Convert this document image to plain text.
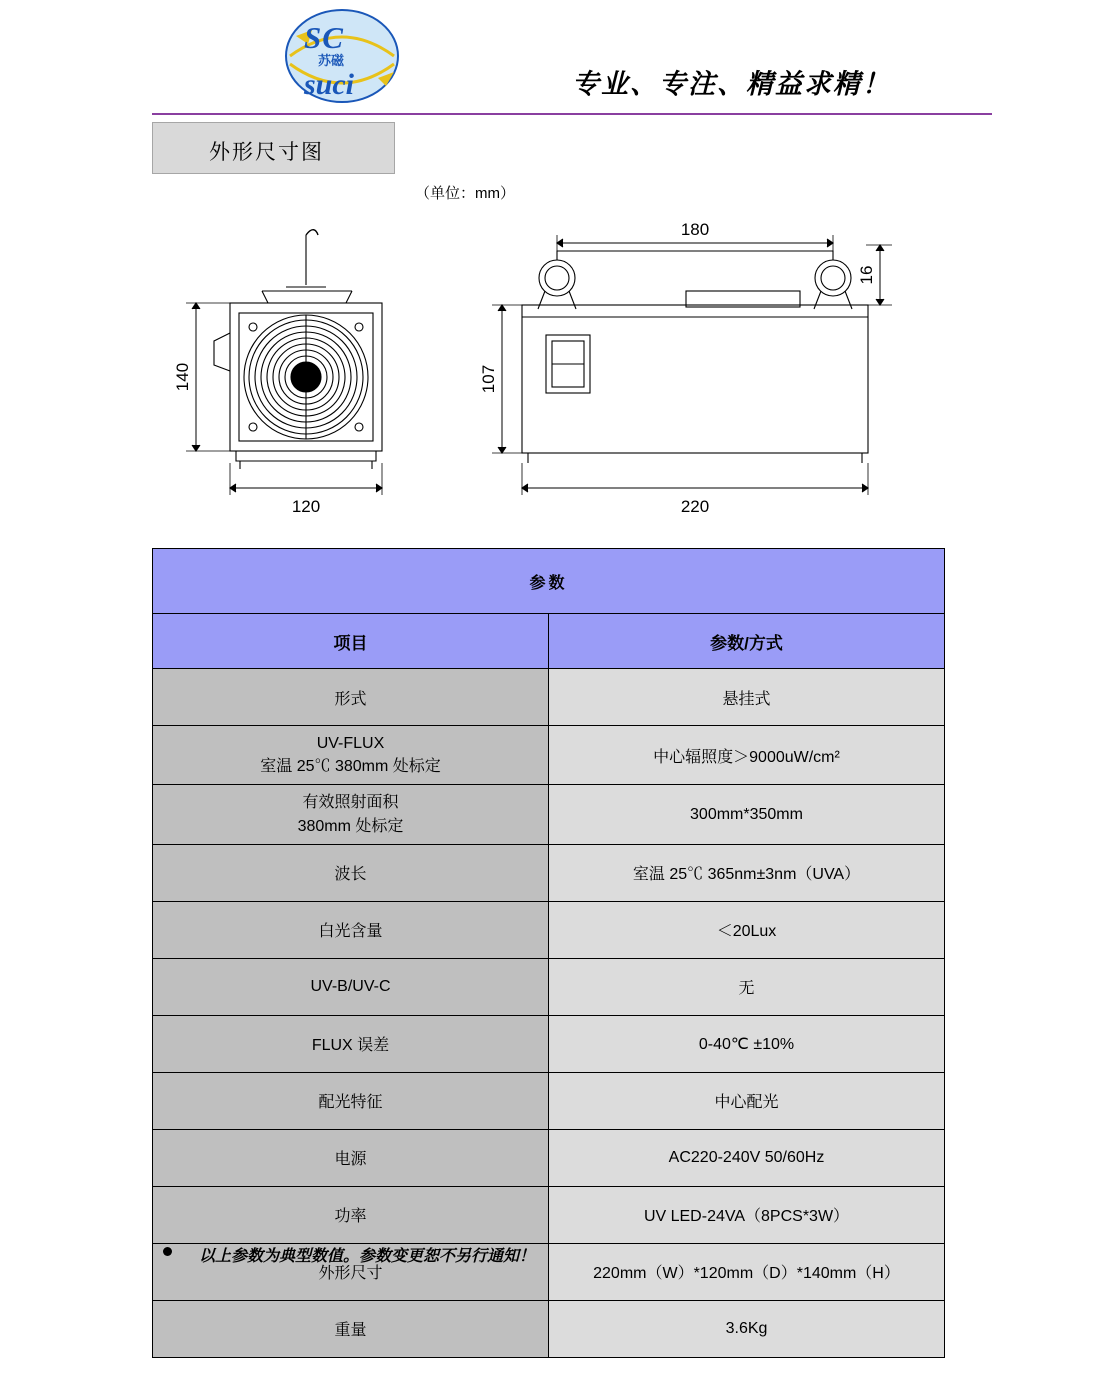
SC
苏磁
suci	专业、专注、精益求精！
外形尺寸图
（单位：mm）
140
120
180
16
107
220
参数	
项目	参数/方式
形式	悬挂式

UV-FLUX
室温 25℃ 380mm 处标定	中心辐照度＞9000uW/cm²

有效照射面积
380mm 处标定	300mm*350mm
波长	室温 25℃ 365nm±3nm（UVA）
白光含量	＜20Lux
UV-B/UV-C	无
FLUX 误差	0-40℃ ±10%
配光特征	中心配光
电源	AC220-240V 50/60Hz
功率	UV LED-24VA（8PCS*3W）
外形尺寸	220mm（W）*120mm（D）*140mm（H）
重量	3.6Kg
以上参数为典型数值。参数变更恕不另行通知！
